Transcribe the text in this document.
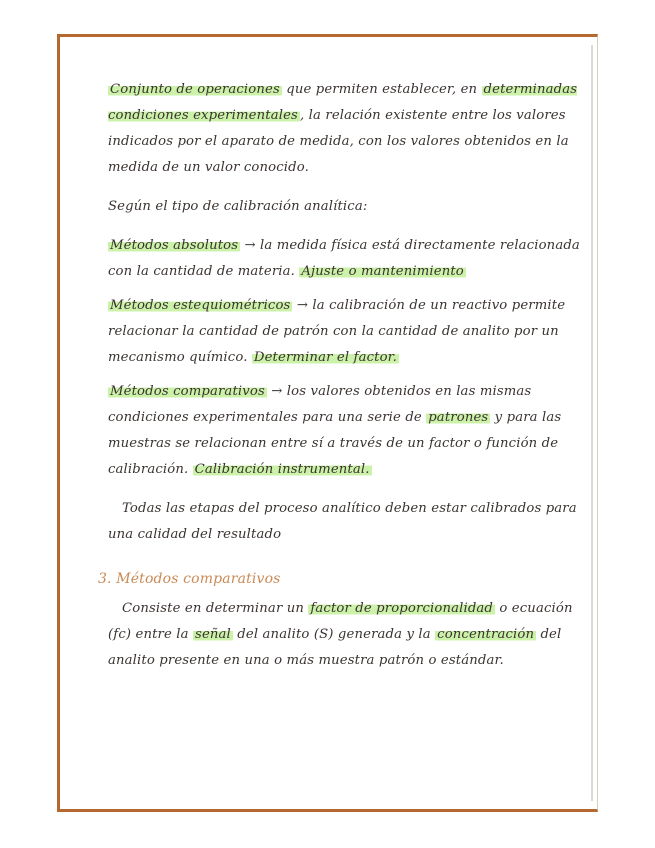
Conjunto de operaciones que permiten establecer, en determinadas condiciones experimentales , la relación existente entre los valores indicados por el aparato de medida, con los valores obtenidos en la medida de un valor conocido.

Según el tipo de calibración analítica:

Métodos absolutos → la medida física está directamente relacionada con la cantidad de materia. Ajuste o mantenimiento

Métodos estequiométricos → la calibración de un reactivo permite relacionar la cantidad de patrón con la cantidad de analito por un mecanismo químico. Determinar el factor.

Métodos comparativos → los valores obtenidos en las mismas condiciones experimentales para una serie de patrones y para las muestras se relacionan entre sí a través de un factor o función de calibración. Calibración instrumental.

Todas las etapas del proceso analítico deben estar calibrados para una calidad del resultado

3. Métodos comparativos

Consiste en determinar un factor de proporcionalidad o ecuación (fc) entre la señal del analito (S) generada y la concentración del analito presente en una o más muestra patrón o estándar.
